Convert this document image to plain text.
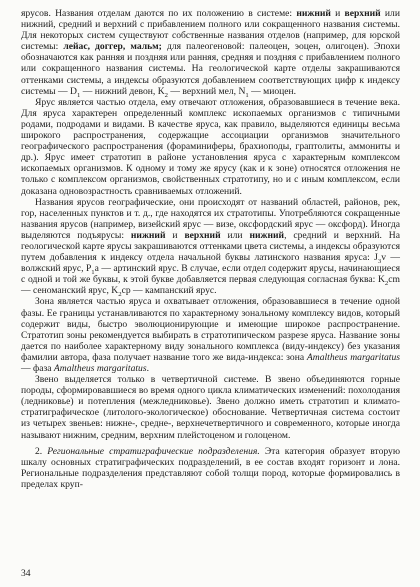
ярусов. Названия отделам даются по их положению в системе: нижний и верхний или нижний, средний и верхний с прибавлением полного или сокращенного названия системы. Для некоторых систем существуют собственные названия отделов (например, для юрской системы: лейас, доггер, мальм; для палеогеновой: палеоцен, эоцен, олигоцен). Эпохи обозначаются как ранняя и поздняя или ранняя, средняя и поздняя с прибавлением полного или сокращенного названия системы. На геологической карте отделы закрашиваются оттенками системы, а индексы образуются добавлением соответствующих цифр к индексу системы — $D_1$ — нижний девон, $K_2$ — верхний мел, $N_1$ — миоцен.

Ярус является частью отдела, ему отвечают отложения, образовавшиеся в течение века. Для яруса характерен определенный комплекс ископаемых организмов с типичными родами, подродами и видами. В качестве яруса, как правило, выделяются единицы весьма широкого распространения, содержащие ассоциации организмов значительного географического распространения (фораминиферы, брахиоподы, граптолиты, аммониты и др.). Ярус имеет стратотип в районе установления яруса с характерным комплексом ископаемых организмов. К одному и тому же ярусу (как и к зоне) относятся отложения не только с комплексом организмов, свойственных стратотипу, но и с иным комплексом, если доказана одновозрастность сравниваемых отложений.

Названия ярусов географические, они происходят от названий областей, районов, рек, гор, населенных пунктов и т. д., где находятся их стратотипы. Употребляются сокращенные названия ярусов (например, визейский ярус — визе, оксфордский ярус — оксфорд). Иногда выделяются подъярусы: нижний и верхний или нижний, средний и верхний. На геологической карте ярусы закрашиваются оттенками цвета системы, а индексы образуются путем добавления к индексу отдела начальной буквы латинского названия яруса: $J_3v$ — волжский ярус, $P_1a$ — артинский ярус. В случае, если отдел содержит ярусы, начинающиеся с одной и той же буквы, к этой букве добавляется первая следующая согласная буква: $K_2cm$ — сеноманский ярус, $K_2cp$ — кампанский ярус.

Зона является частью яруса и охватывает отложения, образовавшиеся в течение одной фазы. Ее границы устанавливаются по характерному зональному комплексу видов, который содержит виды, быстро эволюционирующие и имеющие широкое распространение. Стратотип зоны рекомендуется выбирать в стратотипическом разрезе яруса. Название зоны дается по наиболее характерному виду зонального комплекса (виду-индексу) без указания фамилии автора, фаза получает название того же вида-индекса: зона Amaltheus margaritatus — фаза Amaltheus margaritatus.

Звено выделяется только в четвертичной системе. В звено объединяются горные породы, сформировавшиеся во время одного цикла климатических изменений: похолодания (ледниковье) и потепления (межледниковье). Звено должно иметь стратотип и климато-стратиграфическое (литолого-экологическое) обоснование. Четвертичная система состоит из четырех звеньев: нижне-, средне-, верхнечетвертичного и современного, которые иногда называют нижним, средним, верхним плейстоценом и голоценом.

2. Региональные стратиграфические подразделения. Эта категория образует вторую шкалу основных стратиграфических подразделений, в ее состав входят горизонт и лона. Региональные подразделения представляют собой толщи пород, которые формировались в пределах круп-

34
